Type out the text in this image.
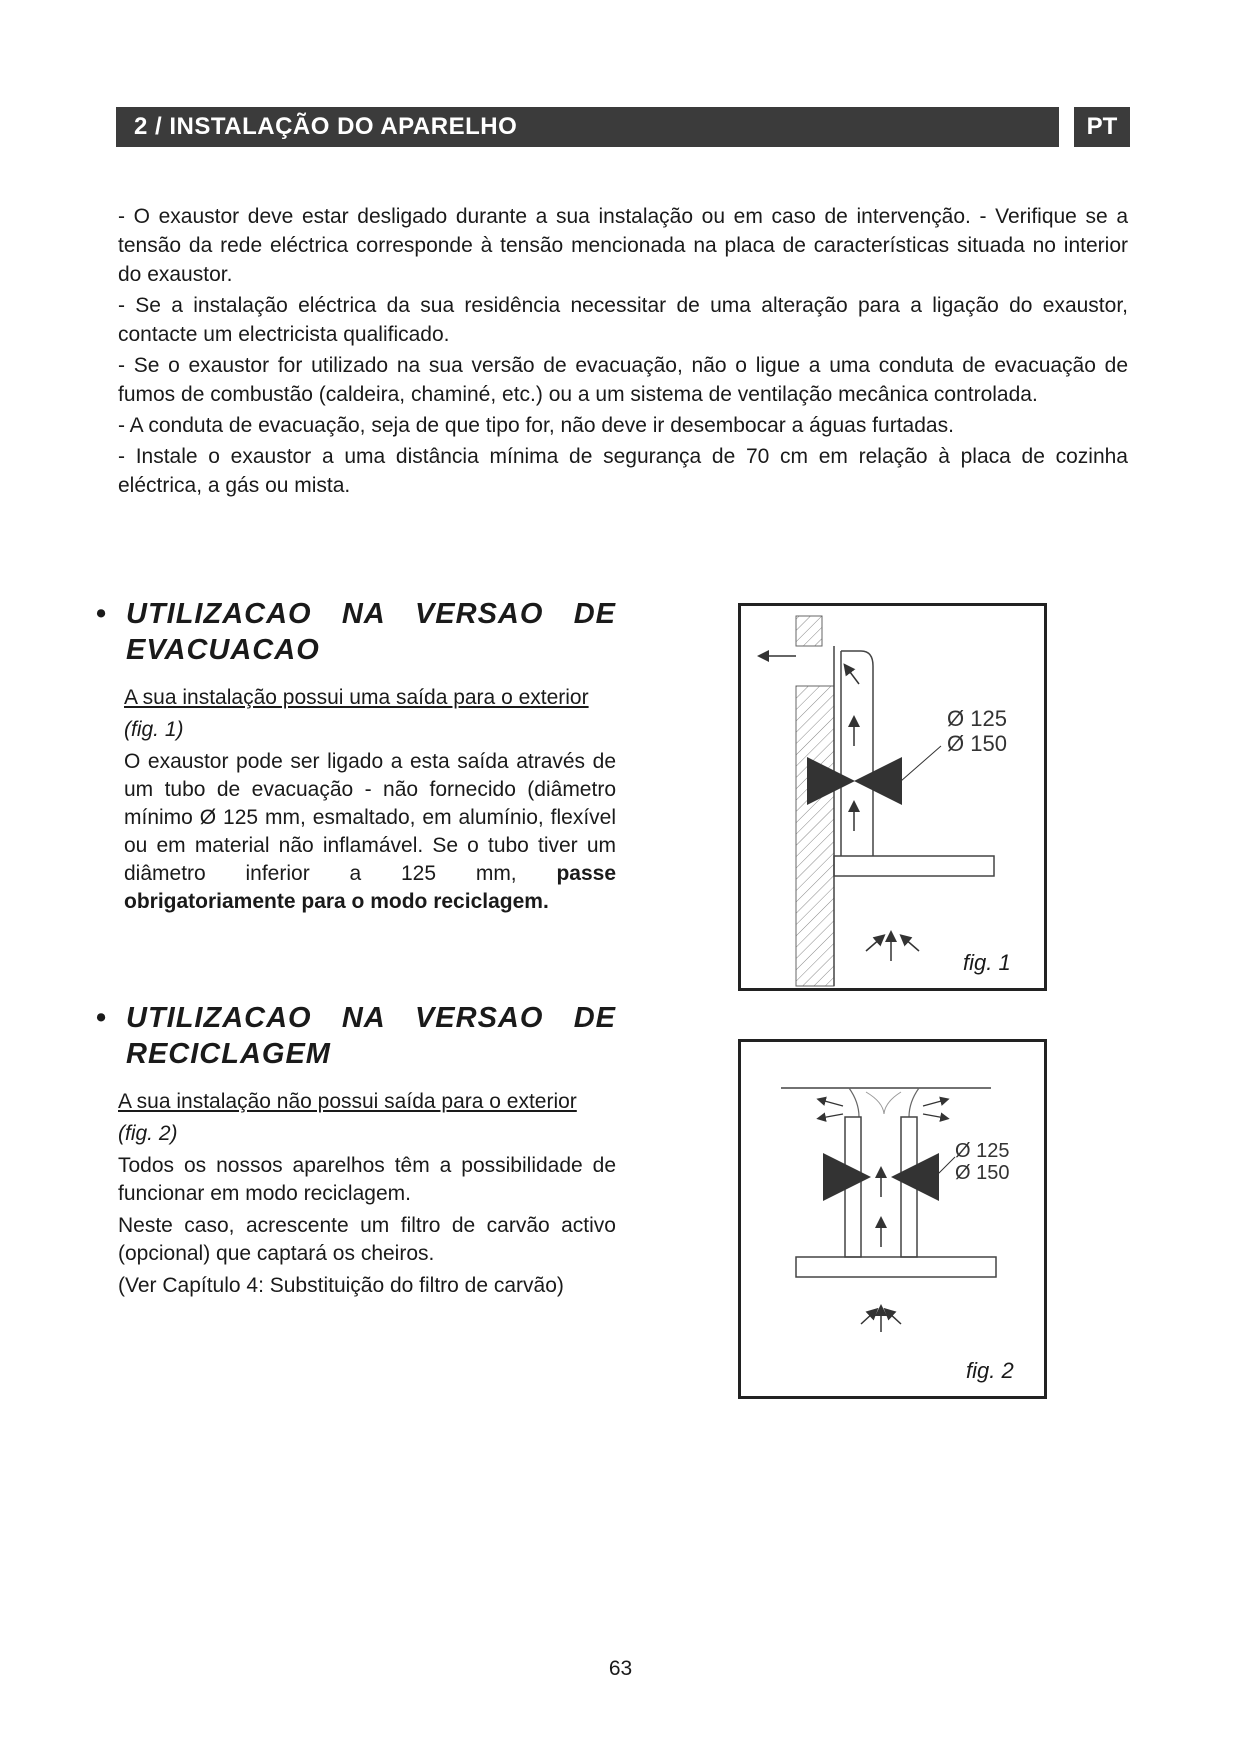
2 / INSTALAÇÃO DO APARELHO	PT

- O exaustor deve estar desligado durante a sua instalação ou em caso de intervenção. - Verifique se a tensão da rede eléctrica corresponde à tensão mencionada na placa de características situada no interior do exaustor.

- Se a instalação eléctrica da sua residência necessitar de uma alteração para a ligação do exaustor, contacte um electricista qualificado.

- Se o exaustor for utilizado na sua versão de evacuação, não o ligue a uma conduta de evacuação de fumos de combustão (caldeira, chaminé, etc.) ou a um sistema de ventilação mecânica controlada.

- A conduta de evacuação, seja de que tipo for, não deve ir desembocar a águas furtadas.

- Instale o exaustor a uma distância mínima de segurança de 70 cm em relação à placa de cozinha eléctrica, a gás ou mista.

• UTILIZACAO NA VERSAO DE EVACUACAO
A sua instalação possui uma saída para o exterior
(fig. 1)

O exaustor pode ser ligado a esta saída através de um tubo de evacuação - não fornecido (diâmetro mínimo Ø 125 mm, esmaltado, em alumínio, flexível ou em material não inflamável. Se o tubo tiver um diâmetro inferior a 125 mm, passe obrigatoriamente para o modo reciclagem.

• UTILIZACAO NA VERSAO DE RECICLAGEM
A sua instalação não possui saída para o exterior
(fig. 2)

Todos os nossos aparelhos têm a possibilidade de funcionar em modo reciclagem.

Neste caso, acrescente um filtro de carvão activo (opcional) que captará os cheiros.

(Ver Capítulo 4: Substituição do filtro de carvão)

Ø 125
Ø 150
fig. 1
Ø 125
Ø 150
fig. 2
63
